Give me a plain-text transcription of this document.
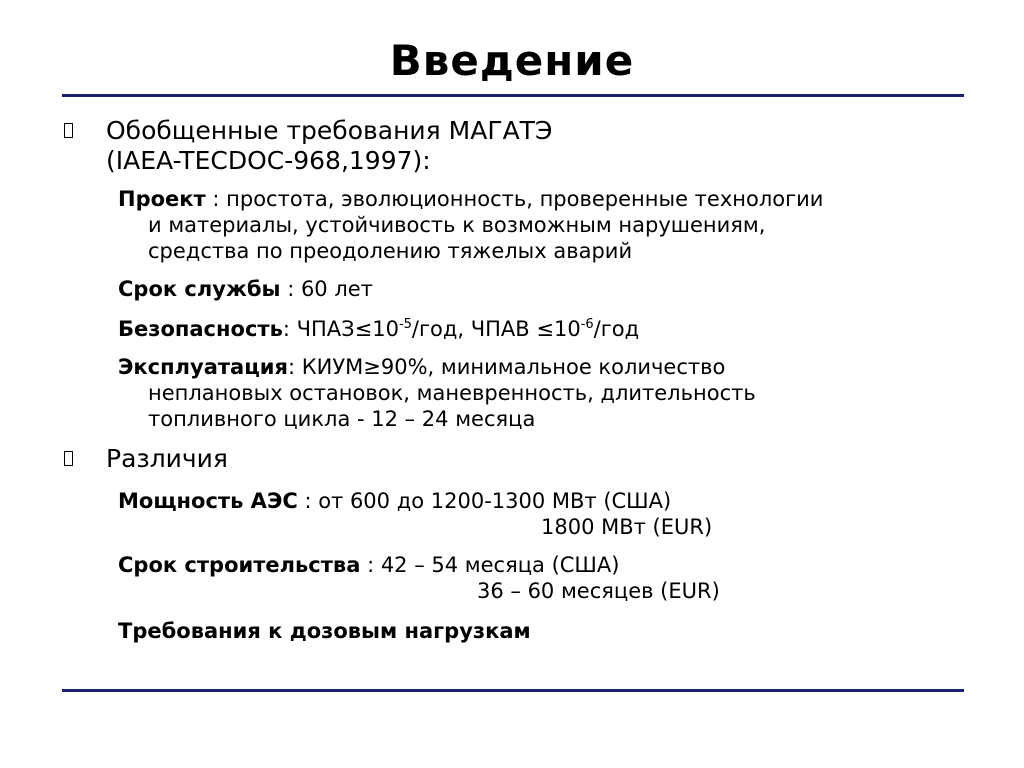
Введение
Обобщенные требования МАГАТЭ
(IAEA-TECDOC-968,1997):
Проект : простота, эволюционность, проверенные технологии
и материалы, устойчивость к возможным нарушениям,
средства по преодолению тяжелых аварий
Срок службы : 60 лет
Безопасность: $ЧПАЗ\le 10^{-5}$/год, ЧПАВ $\le 10^{-6}$/год
Эксплуатация: КИУМ≥90%, минимальное количество
неплановых остановок, маневренность, длительность
топливного цикла - 12 – 24 месяца
Различия
Мощность АЭС : от 600 до 1200-1300 МВт (США)
1800 МВт (EUR)
Срок строительства : 42 – 54 месяца (США)
36 – 60 месяцев (EUR)
Требования к дозовым нагрузкам
